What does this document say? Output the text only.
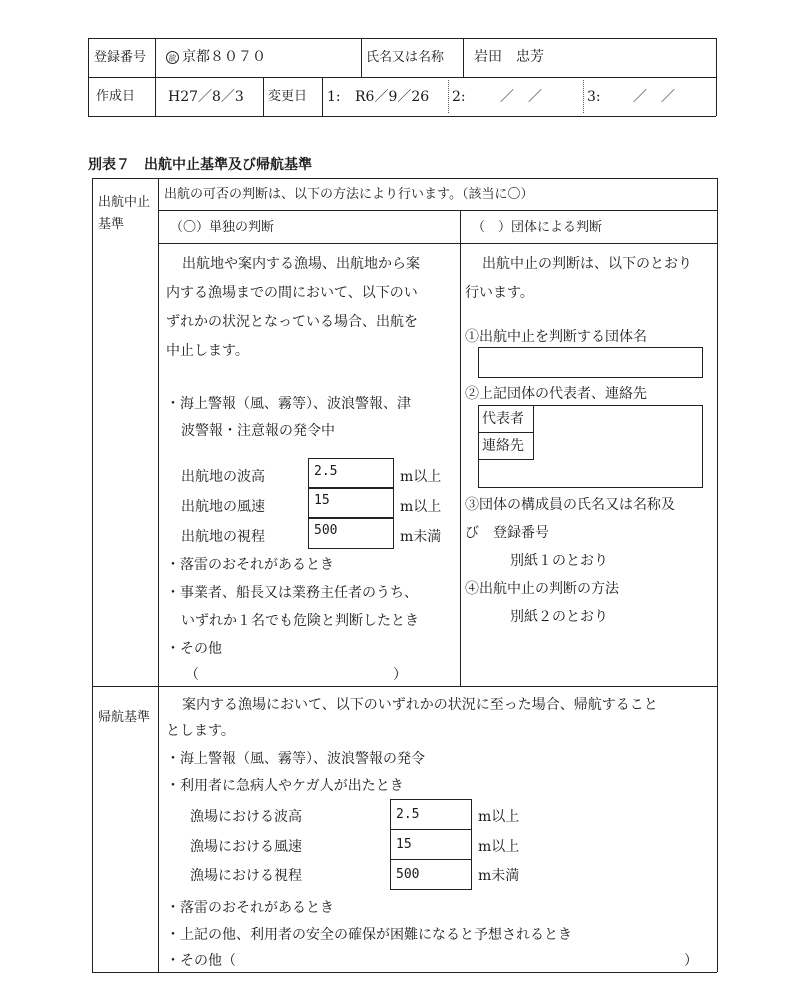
登録番号	欲 京都８０７０	氏名又は名称 岩田　忠芳
作成日 H27／8／3 変更日 1: R6／9／26 2: ／　／	3: ／　／
別表７　出航中止基準及び帰航基準
出航中止
基準
出航の可否の判断は、以下の方法により行います。（該当に〇）
（〇）単独の判断
出航地や案内する漁場、出航地から案
内する漁場までの間において、以下のい
ずれかの状況となっている場合、出航を
中止します。
・海上警報（風、霧等）、波浪警報、津
波警報・注意報の発令中
出航地の波高	2.5	m以上
出航地の風速	15	m以上
出航地の視程	500	m未満
・落雷のおそれがあるとき
・事業者、船長又は業務主任者のうち、
いずれか１名でも危険と判断したとき
・その他
（	）
（　）団体による判断
出航中止の判断は、以下のとおり
行います。
①出航中止を判断する団体名
②上記団体の代表者、連絡先
代表者
連絡先
③団体の構成員の氏名又は名称及
び　登録番号
別紙１のとおり
④出航中止の判断の方法
別紙２のとおり
帰航基準
案内する漁場において、以下のいずれかの状況に至った場合、帰航すること
とします。
・海上警報（風、霧等）、波浪警報の発令
・利用者に急病人やケガ人が出たとき
漁場における波高	2.5	m以上
漁場における風速	15	m以上
漁場における視程	500	m未満
・落雷のおそれがあるとき
・上記の他、利用者の安全の確保が困難になると予想されるとき
・その他（	）
